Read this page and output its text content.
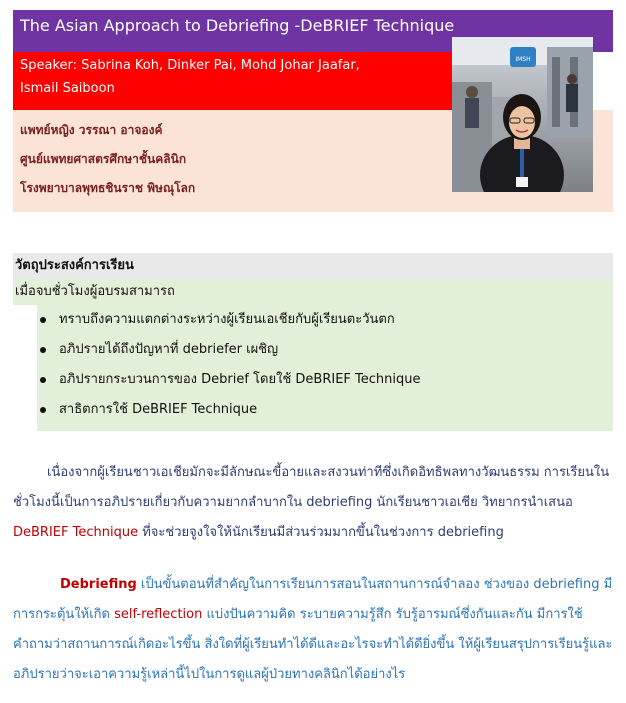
The Asian Approach to Debriefing -DeBRIEF Technique
Speaker: Sabrina Koh, Dinker Pai, Mohd Johar Jaafar,
Ismail Saiboon
IMSH
แพทย์หญิง วรรณา อาจองค์
ศูนย์แพทยศาสตรศึกษาชั้นคลินิก
โรงพยาบาลพุทธชินราช พิษณุโลก
วัตถุประสงค์การเรียน
เมื่อจบชั่วโมงผู้อบรมสามารถ
ทราบถึงความแตกต่างระหว่างผู้เรียนเอเชียกับผู้เรียนตะวันตก
อภิปรายได้ถึงปัญหาที่ debriefer เผชิญ
อภิปรายกระบวนการของ Debrief โดยใช้ DeBRIEF Technique
สาธิตการใช้ DeBRIEF Technique
เนื่องจากผู้เรียนชาวเอเชียมักจะมีลักษณะขี้อายและสงวนท่าทีซึ่งเกิดอิทธิพลทางวัฒนธรรม การเรียนใน
ชั่วโมงนี้เป็นการอภิปรายเกี่ยวกับความยากลำบากใน debriefing นักเรียนชาวเอเชีย วิทยากรนำเสนอ
DeBRIEF Technique ที่จะช่วยจูงใจให้นักเรียนมีส่วนร่วมมากขึ้นในช่วงการ debriefing
Debriefing เป็นขั้นตอนที่สำคัญในการเรียนการสอนในสถานการณ์จำลอง ช่วงของ debriefing มี
การกระตุ้นให้เกิด self-reflection แบ่งปันความคิด ระบายความรู้สึก รับรู้อารมณ์ซึ่งกันและกัน มีการใช้
คำถามว่าสถานการณ์เกิดอะไรขึ้น สิ่งใดที่ผู้เรียนทำได้ดีและอะไรจะทำได้ดียิ่งขึ้น ให้ผู้เรียนสรุปการเรียนรู้และ
อภิปรายว่าจะเอาความรู้เหล่านี้ไปในการดูแลผู้ป่วยทางคลินิกได้อย่างไร
